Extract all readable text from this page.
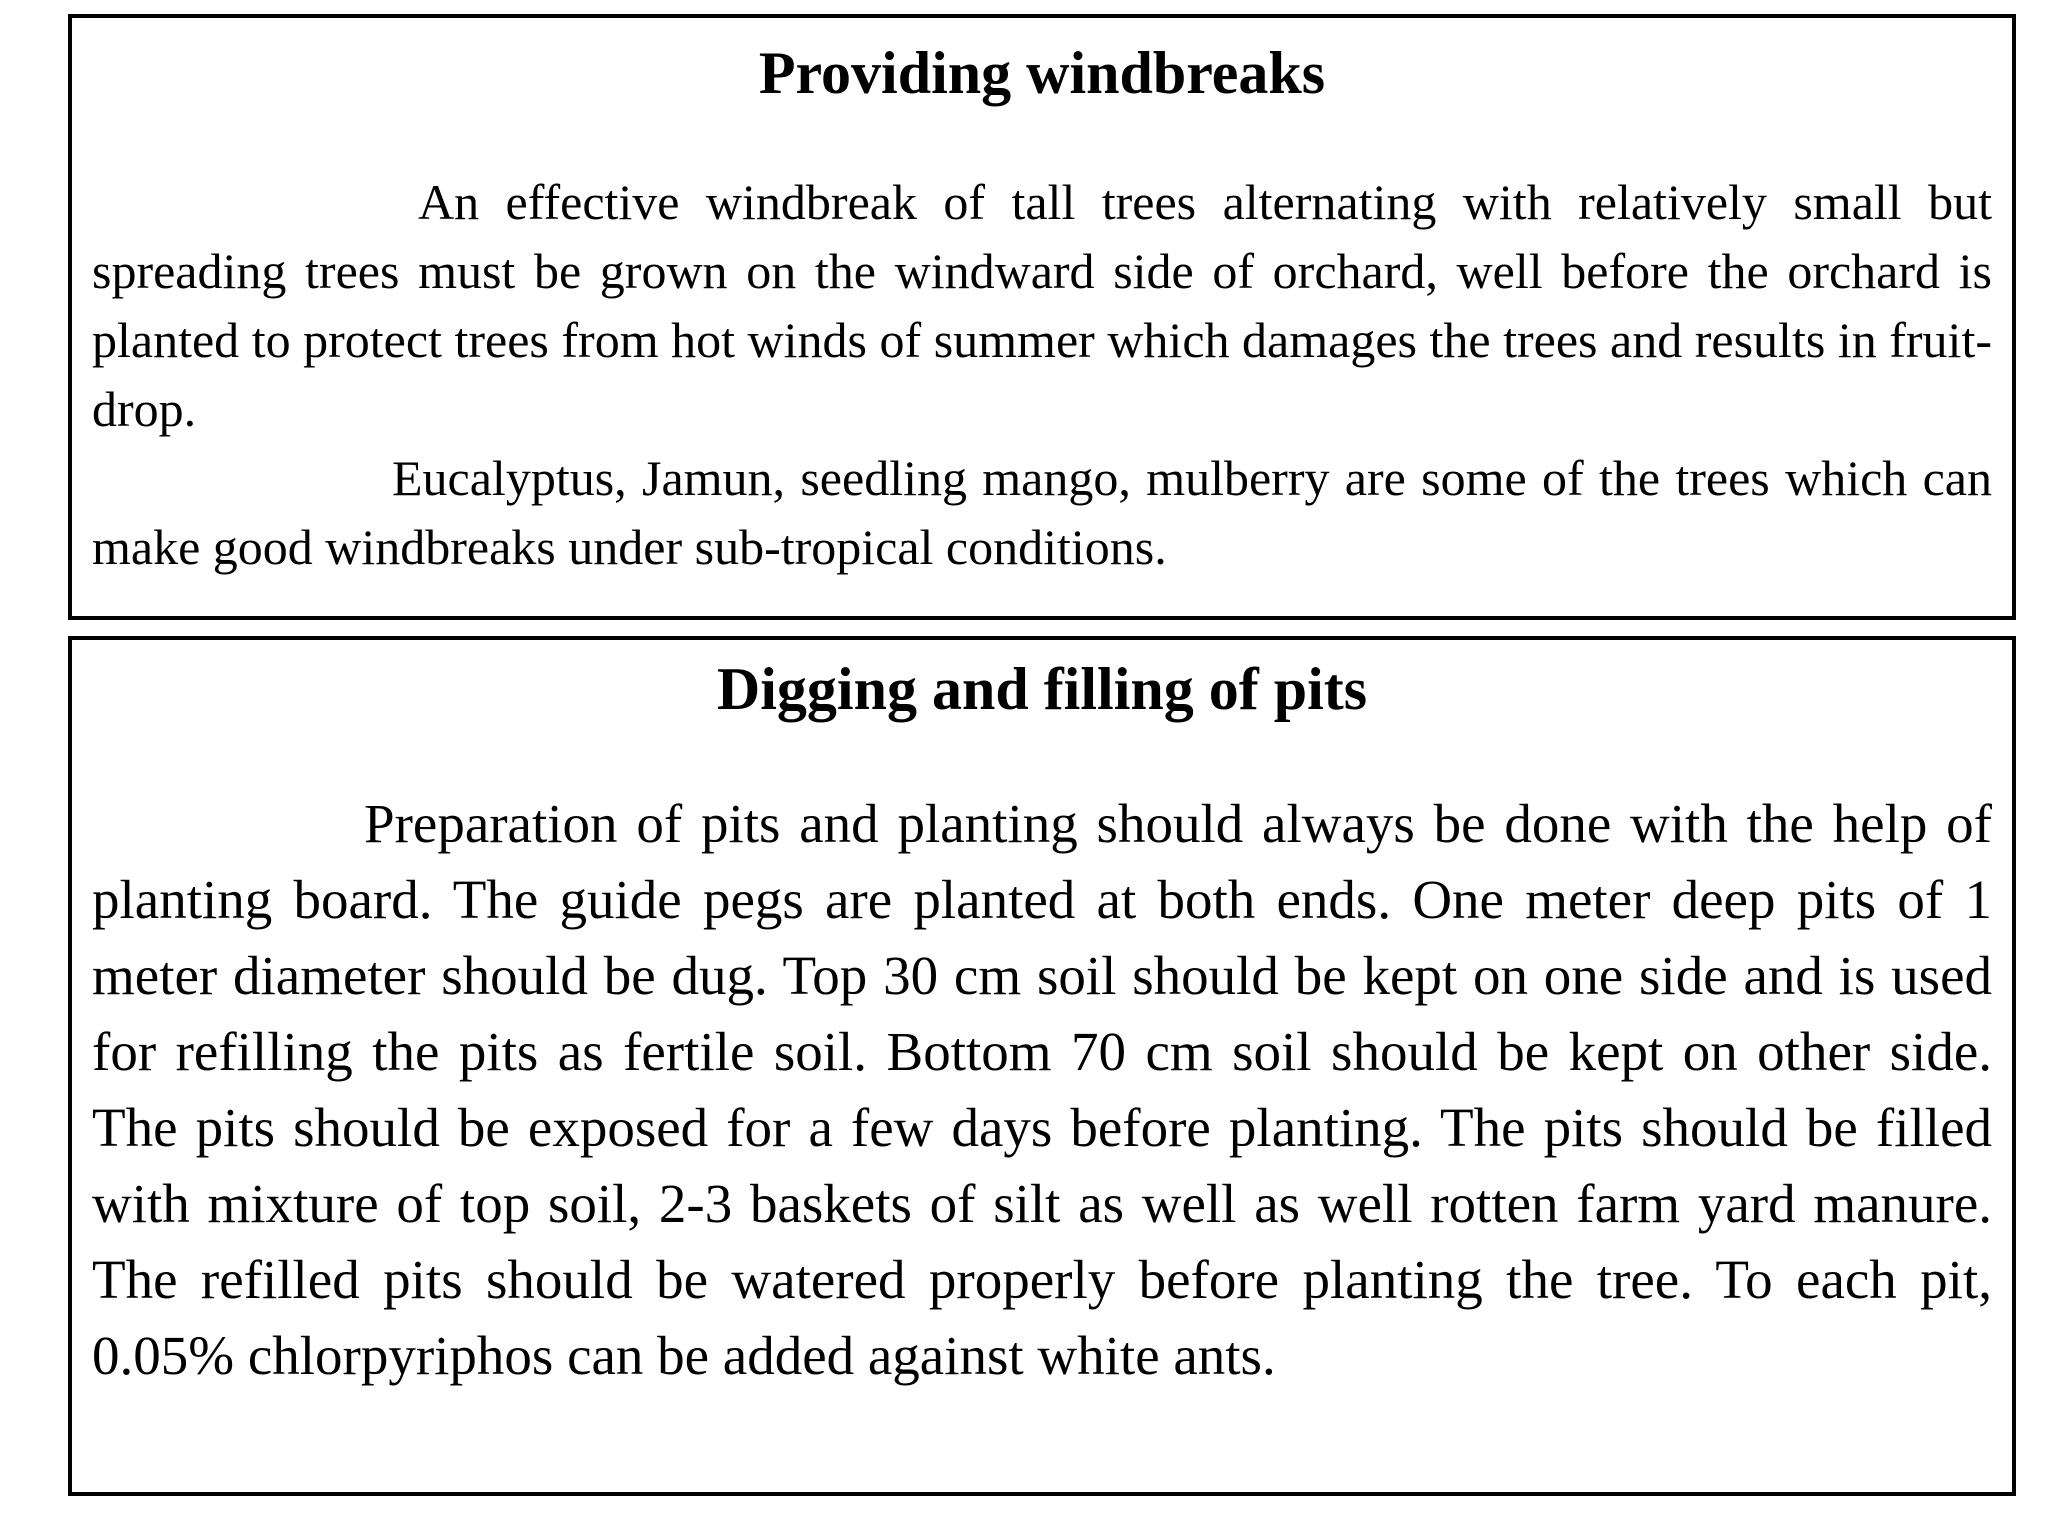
Providing windbreaks

An effective windbreak of tall trees alternating with relatively small but spreading trees must be grown on the windward side of orchard, well before the orchard is planted to protect trees from hot winds of summer which damages the trees and results in fruit-drop.

Eucalyptus, Jamun, seedling mango, mulberry are some of the trees which can make good windbreaks under sub-tropical conditions.

Digging and filling of pits

Preparation of pits and planting should always be done with the help of planting board. The guide pegs are planted at both ends. One meter deep pits of 1 meter diameter should be dug. Top 30 cm soil should be kept on one side and is used for refilling the pits as fertile soil. Bottom 70 cm soil should be kept on other side. The pits should be exposed for a few days before planting. The pits should be filled with mixture of top soil, 2-3 baskets of silt as well as well rotten farm yard manure. The refilled pits should be watered properly before planting the tree. To each pit, 0.05% chlorpyriphos can be added against white ants.
